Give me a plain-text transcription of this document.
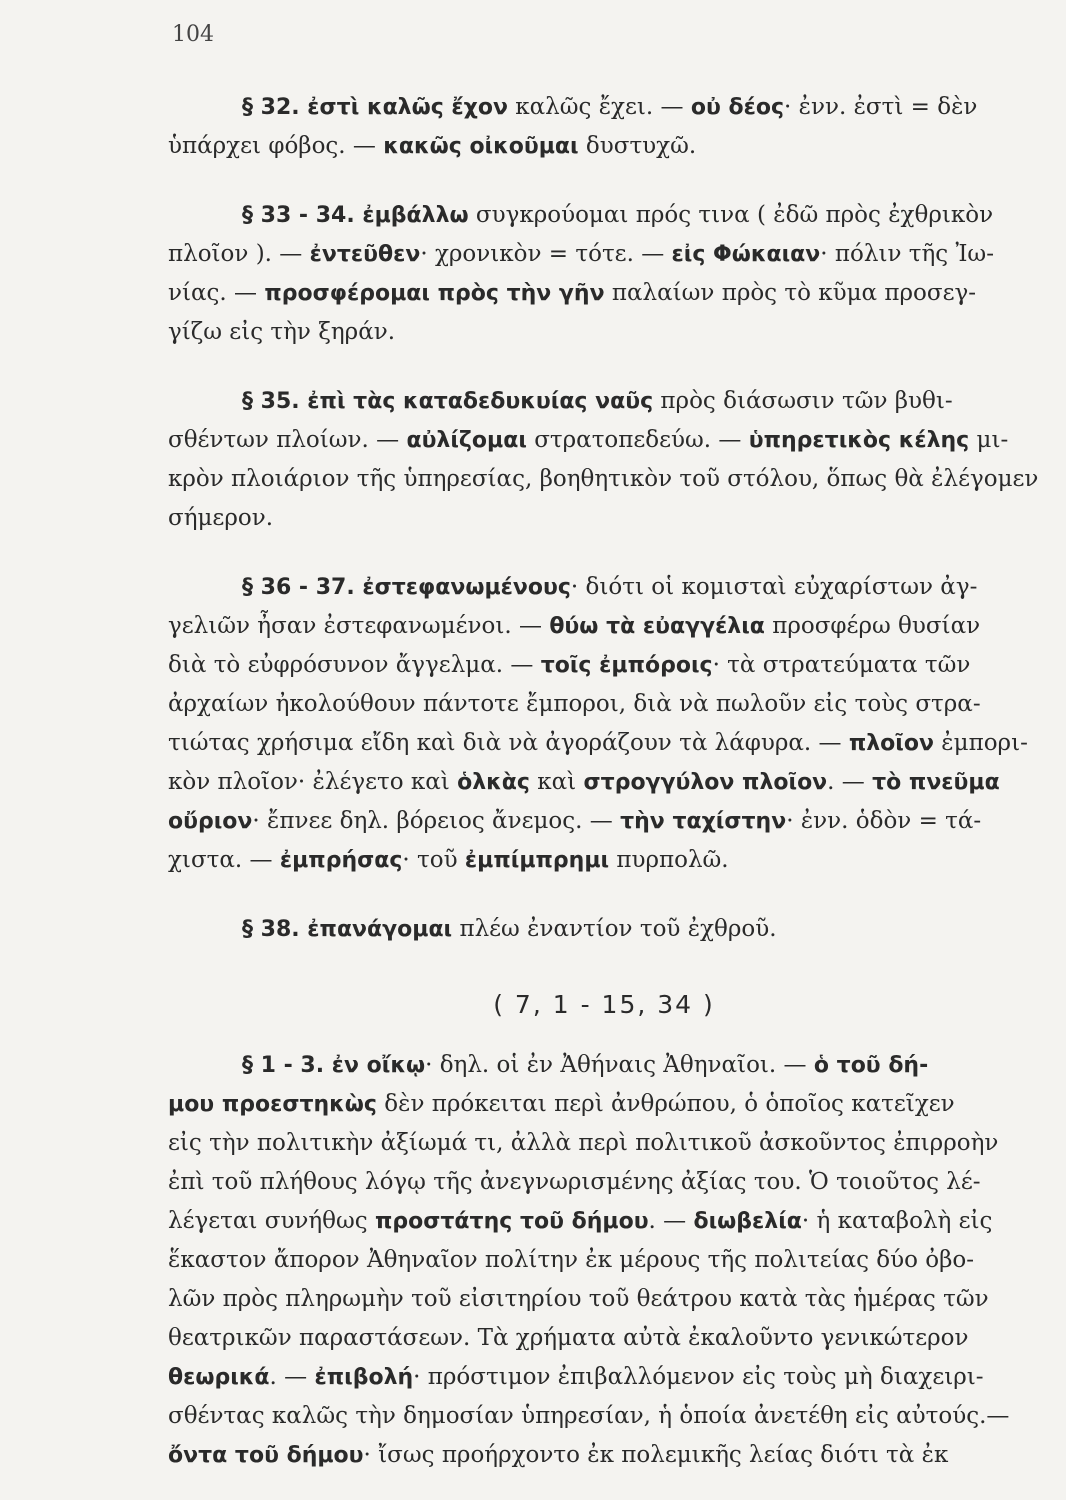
104
§ 32. ἐστὶ καλῶς ἔχον καλῶς ἔχει. — οὐ δέος· ἐνν. ἐστὶ = δὲν
ὑπάρχει φόβος. — κακῶς οἰκοῦμαι δυστυχῶ.
§ 33 - 34. ἐμβάλλω συγκρούομαι πρός τινα ( ἐδῶ πρὸς ἐχθρικὸν
πλοῖον ). — ἐντεῦθεν· χρονικὸν = τότε. — εἰς Φώκαιαν· πόλιν τῆς Ἰω-
νίας. — προσφέρομαι πρὸς τὴν γῆν παλαίων πρὸς τὸ κῦμα προσεγ-
γίζω εἰς τὴν ξηράν.
§ 35. ἐπὶ τὰς καταδεδυκυίας ναῦς πρὸς διάσωσιν τῶν βυθι-
σθέντων πλοίων. — αὐλίζομαι στρατοπεδεύω. — ὑπηρετικὸς κέλης μι-
κρὸν πλοιάριον τῆς ὑπηρεσίας, βοηθητικὸν τοῦ στόλου, ὅπως θὰ ἐλέγομεν
σήμερον.
§ 36 - 37. ἐστεφανωμένους· διότι οἱ κομισταὶ εὐχαρίστων ἀγ-
γελιῶν ἦσαν ἐστεφανωμένοι. — θύω τὰ εὐαγγέλια προσφέρω θυσίαν
διὰ τὸ εὐφρόσυνον ἄγγελμα. — τοῖς ἐμπόροις· τὰ στρατεύματα τῶν
ἀρχαίων ἠκολούθουν πάντοτε ἔμποροι, διὰ νὰ πωλοῦν εἰς τοὺς στρα-
τιώτας χρήσιμα εἴδη καὶ διὰ νὰ ἀγοράζουν τὰ λάφυρα. — πλοῖον ἐμπορι-
κὸν πλοῖον· ἐλέγετο καὶ ὁλκὰς καὶ στρογγύλον πλοῖον. — τὸ πνεῦμα
οὔριον· ἔπνεε δηλ. βόρειος ἄνεμος. — τὴν ταχίστην· ἐνν. ὁδὸν = τά-
χιστα. — ἐμπρήσας· τοῦ ἐμπίμπρημι πυρπολῶ.
§ 38. ἐπανάγομαι πλέω ἐναντίον τοῦ ἐχθροῦ.
( 7, 1 - 15, 34 )
§ 1 - 3. ἐν οἴκῳ· δηλ. οἱ ἐν Ἀθήναις Ἀθηναῖοι. — ὁ τοῦ δή-
μου προεστηκὼς δὲν πρόκειται περὶ ἀνθρώπου, ὁ ὁποῖος κατεῖχεν
εἰς τὴν πολιτικὴν ἀξίωμά τι, ἀλλὰ περὶ πολιτικοῦ ἀσκοῦντος ἐπιρροὴν
ἐπὶ τοῦ πλήθους λόγῳ τῆς ἀνεγνωρισμένης ἀξίας του. Ὁ τοιοῦτος λέ-
λέγεται συνήθως προστάτης τοῦ δήμου. — διωβελία· ἡ καταβολὴ εἰς
ἕκαστον ἄπορον Ἀθηναῖον πολίτην ἐκ μέρους τῆς πολιτείας δύο ὀβο-
λῶν πρὸς πληρωμὴν τοῦ εἰσιτηρίου τοῦ θεάτρου κατὰ τὰς ἡμέρας τῶν
θεατρικῶν παραστάσεων. Τὰ χρήματα αὐτὰ ἐκαλοῦντο γενικώτερον
θεωρικά. — ἐπιβολή· πρόστιμον ἐπιβαλλόμενον εἰς τοὺς μὴ διαχειρι-
σθέντας καλῶς τὴν δημοσίαν ὑπηρεσίαν, ἡ ὁποία ἀνετέθη εἰς αὐτούς.—
ὄντα τοῦ δήμου· ἴσως προήρχοντο ἐκ πολεμικῆς λείας διότι τὰ ἐκ
